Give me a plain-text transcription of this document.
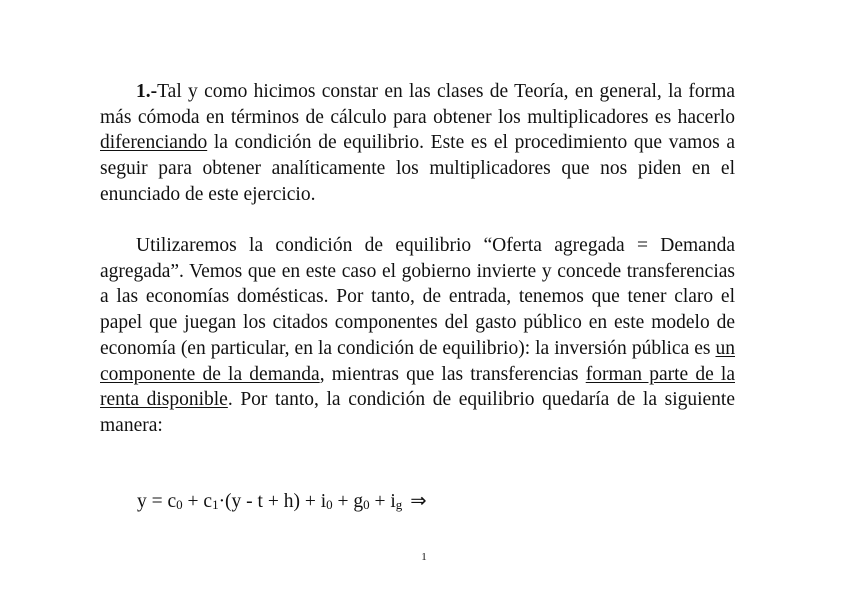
1.-Tal y como hicimos constar en las clases de Teoría, en general, la forma más cómoda en términos de cálculo para obtener los multiplicadores es hacerlo diferenciando la condición de equilibrio. Este es el procedimiento que vamos a seguir para obtener analíticamente los multiplicadores que nos piden en el enunciado de este ejercicio.
Utilizaremos la condición de equilibrio “Oferta agregada = Demanda agregada”. Vemos que en este caso el gobierno invierte y concede transferencias a las economías domésticas. Por tanto, de entrada, tenemos que tener claro el papel que juegan los citados componentes del gasto público en este modelo de economía (en particular, en la condición de equilibrio): la inversión pública es un componente de la demanda, mientras que las transferencias forman parte de la renta disponible. Por tanto, la condición de equilibrio quedaría de la siguiente manera:
$y = c_0 + c_1\cdot(y - t + h) + i_0 + g_0 + i_g$ ⇒
1
